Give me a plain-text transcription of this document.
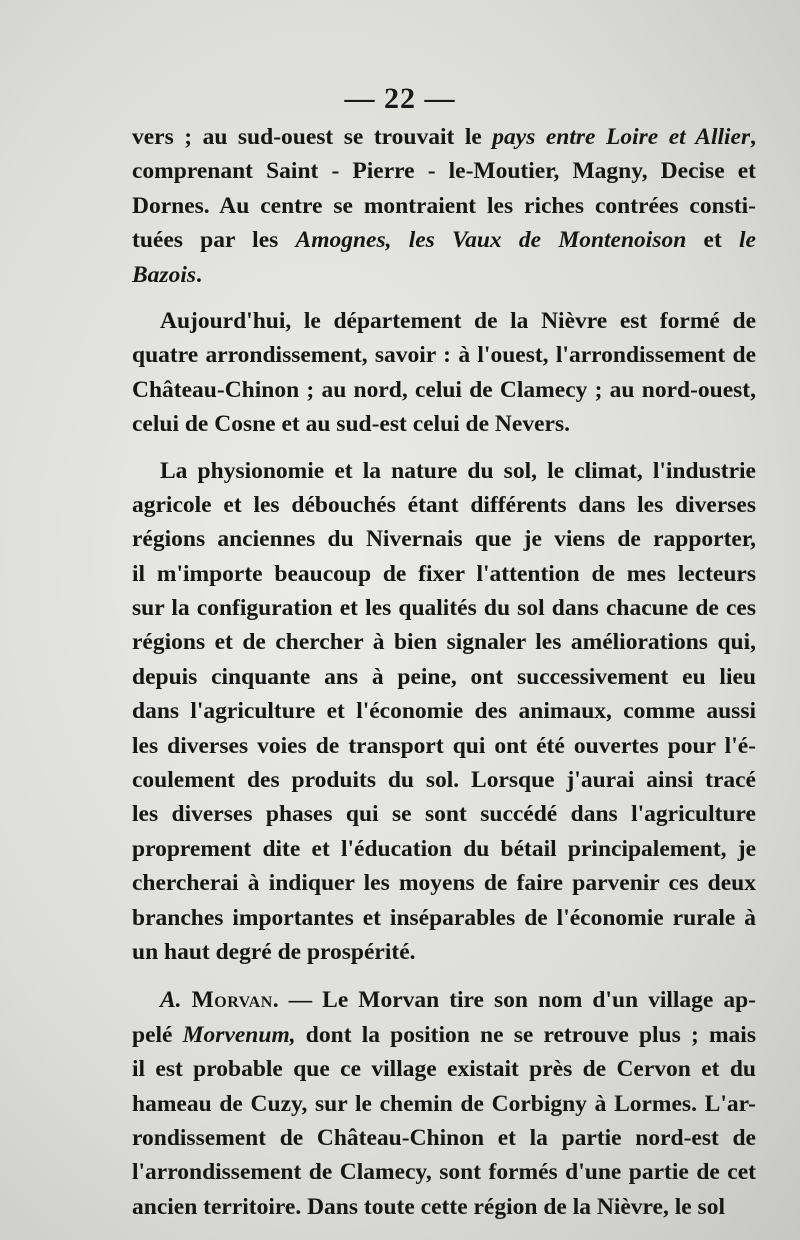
— 22 —
vers ; au sud-ouest se trouvait le pays entre Loire et Allier,
comprenant Saint - Pierre - le-Moutier, Magny, Decise et
Dornes. Au centre se montraient les riches contrées consti-
tuées par les Amognes, les Vaux de Montenoison et le
Bazois.
Aujourd'hui, le département de la Nièvre est formé de
quatre arrondissement, savoir : à l'ouest, l'arrondissement de
Château-Chinon ; au nord, celui de Clamecy ; au nord-ouest,
celui de Cosne et au sud-est celui de Nevers.
La physionomie et la nature du sol, le climat, l'industrie
agricole et les débouchés étant différents dans les diverses
régions anciennes du Nivernais que je viens de rapporter,
il m'importe beaucoup de fixer l'attention de mes lecteurs
sur la configuration et les qualités du sol dans chacune de ces
régions et de chercher à bien signaler les améliorations qui,
depuis cinquante ans à peine, ont successivement eu lieu
dans l'agriculture et l'économie des animaux, comme aussi
les diverses voies de transport qui ont été ouvertes pour l'é-
coulement des produits du sol. Lorsque j'aurai ainsi tracé
les diverses phases qui se sont succédé dans l'agriculture
proprement dite et l'éducation du bétail principalement, je
chercherai à indiquer les moyens de faire parvenir ces deux
branches importantes et inséparables de l'économie rurale à
un haut degré de prospérité.
A. Morvan. — Le Morvan tire son nom d'un village ap-
pelé Morvenum, dont la position ne se retrouve plus ; mais
il est probable que ce village existait près de Cervon et du
hameau de Cuzy, sur le chemin de Corbigny à Lormes. L'ar-
rondissement de Château-Chinon et la partie nord-est de
l'arrondissement de Clamecy, sont formés d'une partie de cet
ancien territoire. Dans toute cette région de la Nièvre, le sol
